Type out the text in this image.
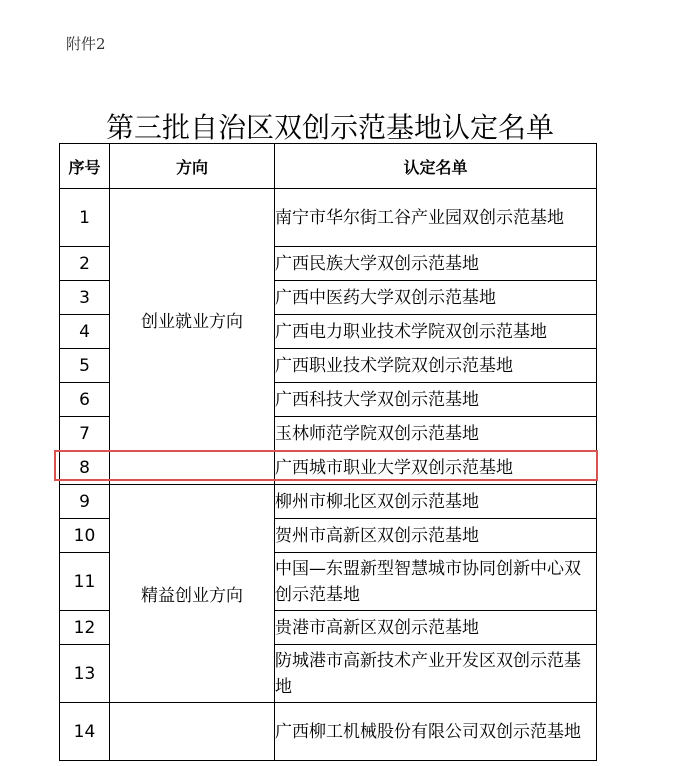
附件2
第三批自治区双创示范基地认定名单
序号	方向	认定名单
1	创业就业方向	南宁市华尔街工谷产业园双创示范基地
2		广西民族大学双创示范基地
3		广西中医药大学双创示范基地
4		广西电力职业技术学院双创示范基地
5		广西职业技术学院双创示范基地
6		广西科技大学双创示范基地
7		玉林师范学院双创示范基地
8		广西城市职业大学双创示范基地
9	精益创业方向	柳州市柳北区双创示范基地
10		贺州市高新区双创示范基地
11		中国—东盟新型智慧城市协同创新中心双创示范基地
12		贵港市高新区双创示范基地
13		防城港市高新技术产业开发区双创示范基地
14		广西柳工机械股份有限公司双创示范基地
